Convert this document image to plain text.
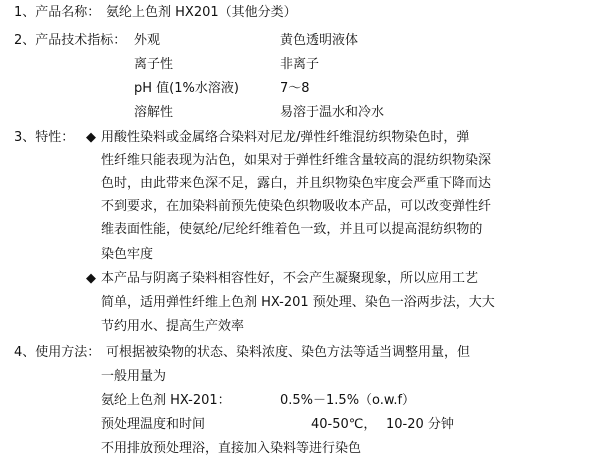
1、产品名称： 氨纶上色剂 HX201（其他分类）
2、产品技术指标： 外观	黄色透明液体
离子性	非离子
pH 值(1%水溶液)	7～8
溶解性	易溶于温水和冷水
3、特性： ◆ 用酸性染料或金属络合染料对尼龙/弹性纤维混纺织物染色时，弹
性纤维只能表现为沾色，如果对于弹性纤维含量较高的混纺织物染深
色时，由此带来色深不足，露白，并且织物染色牢度会严重下降而达
不到要求，在加染料前预先使染色织物吸收本产品，可以改变弹性纤
维表面性能，使氨纶/尼纶纤维着色一致，并且可以提高混纺织物的
染色牢度
◆ 本产品与阴离子染料相容性好，不会产生凝聚现象，所以应用工艺
简单，适用弹性纤维上色剂 HX-201 预处理、染色一浴两步法，大大
节约用水、提高生产效率
4、使用方法： 可根据被染物的状态、染料浓度、染色方法等适当调整用量，但
一般用量为
氨纶上色剂 HX-201：	0.5%－1.5%（o.w.f）
预处理温度和时间	40-50℃， 10-20 分钟
不用排放预处理浴，直接加入染料等进行染色
